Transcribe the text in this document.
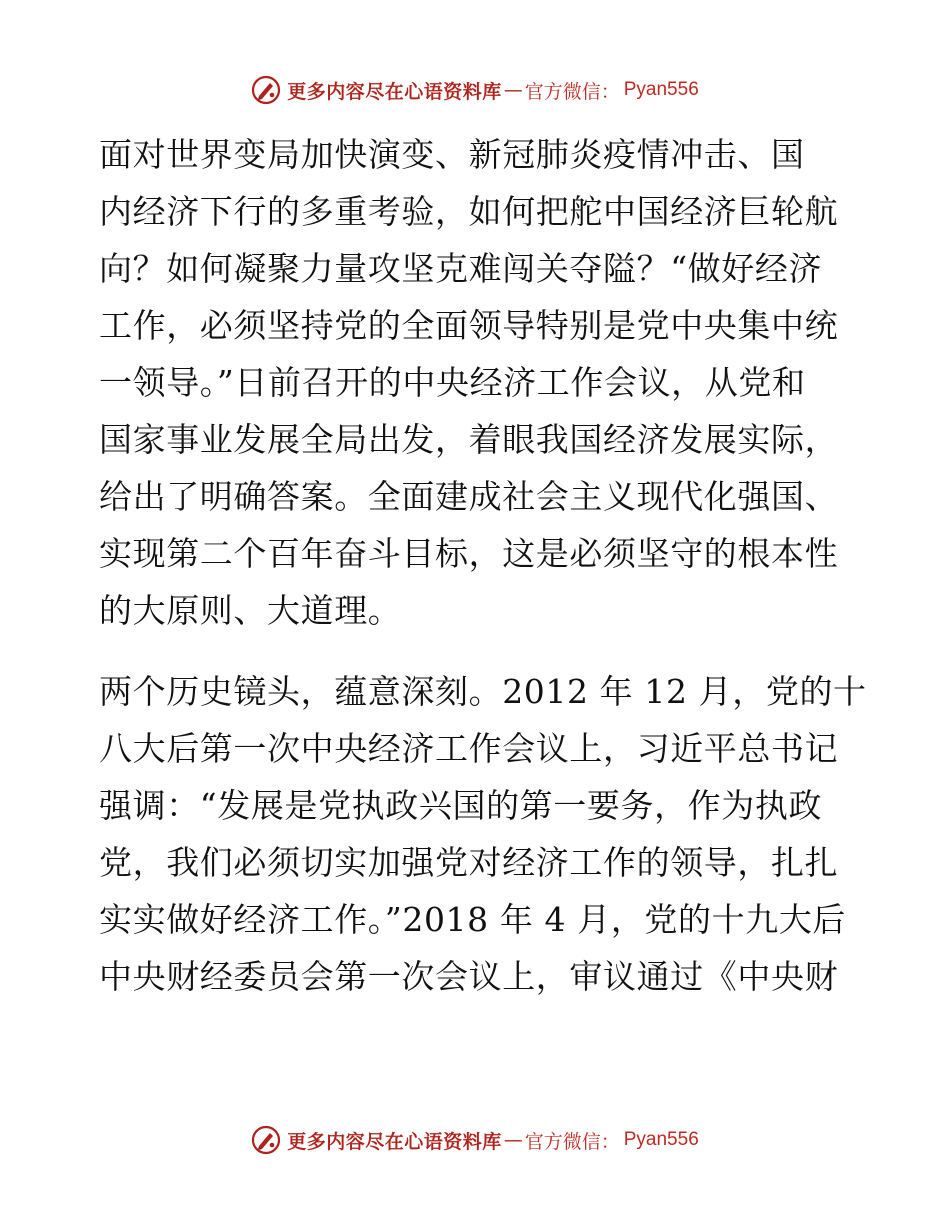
更多内容尽在心语资料库 — 官方微信： Pyan556
面对世界变局加快演变、新冠肺炎疫情冲击、国
内经济下行的多重考验，如何把舵中国经济巨轮航
向？如何凝聚力量攻坚克难闯关夺隘？“做好经济
工作，必须坚持党的全面领导特别是党中央集中统
一领导。”日前召开的中央经济工作会议，从党和
国家事业发展全局出发，着眼我国经济发展实际，
给出了明确答案。全面建成社会主义现代化强国、
实现第二个百年奋斗目标，这是必须坚守的根本性
的大原则、大道理。
两个历史镜头，蕴意深刻。2012 年 12 月，党的十
八大后第一次中央经济工作会议上，习近平总书记
强调：“发展是党执政兴国的第一要务，作为执政
党，我们必须切实加强党对经济工作的领导，扎扎
实实做好经济工作。”2018 年 4 月，党的十九大后
中央财经委员会第一次会议上，审议通过《中央财
更多内容尽在心语资料库 — 官方微信： Pyan556
